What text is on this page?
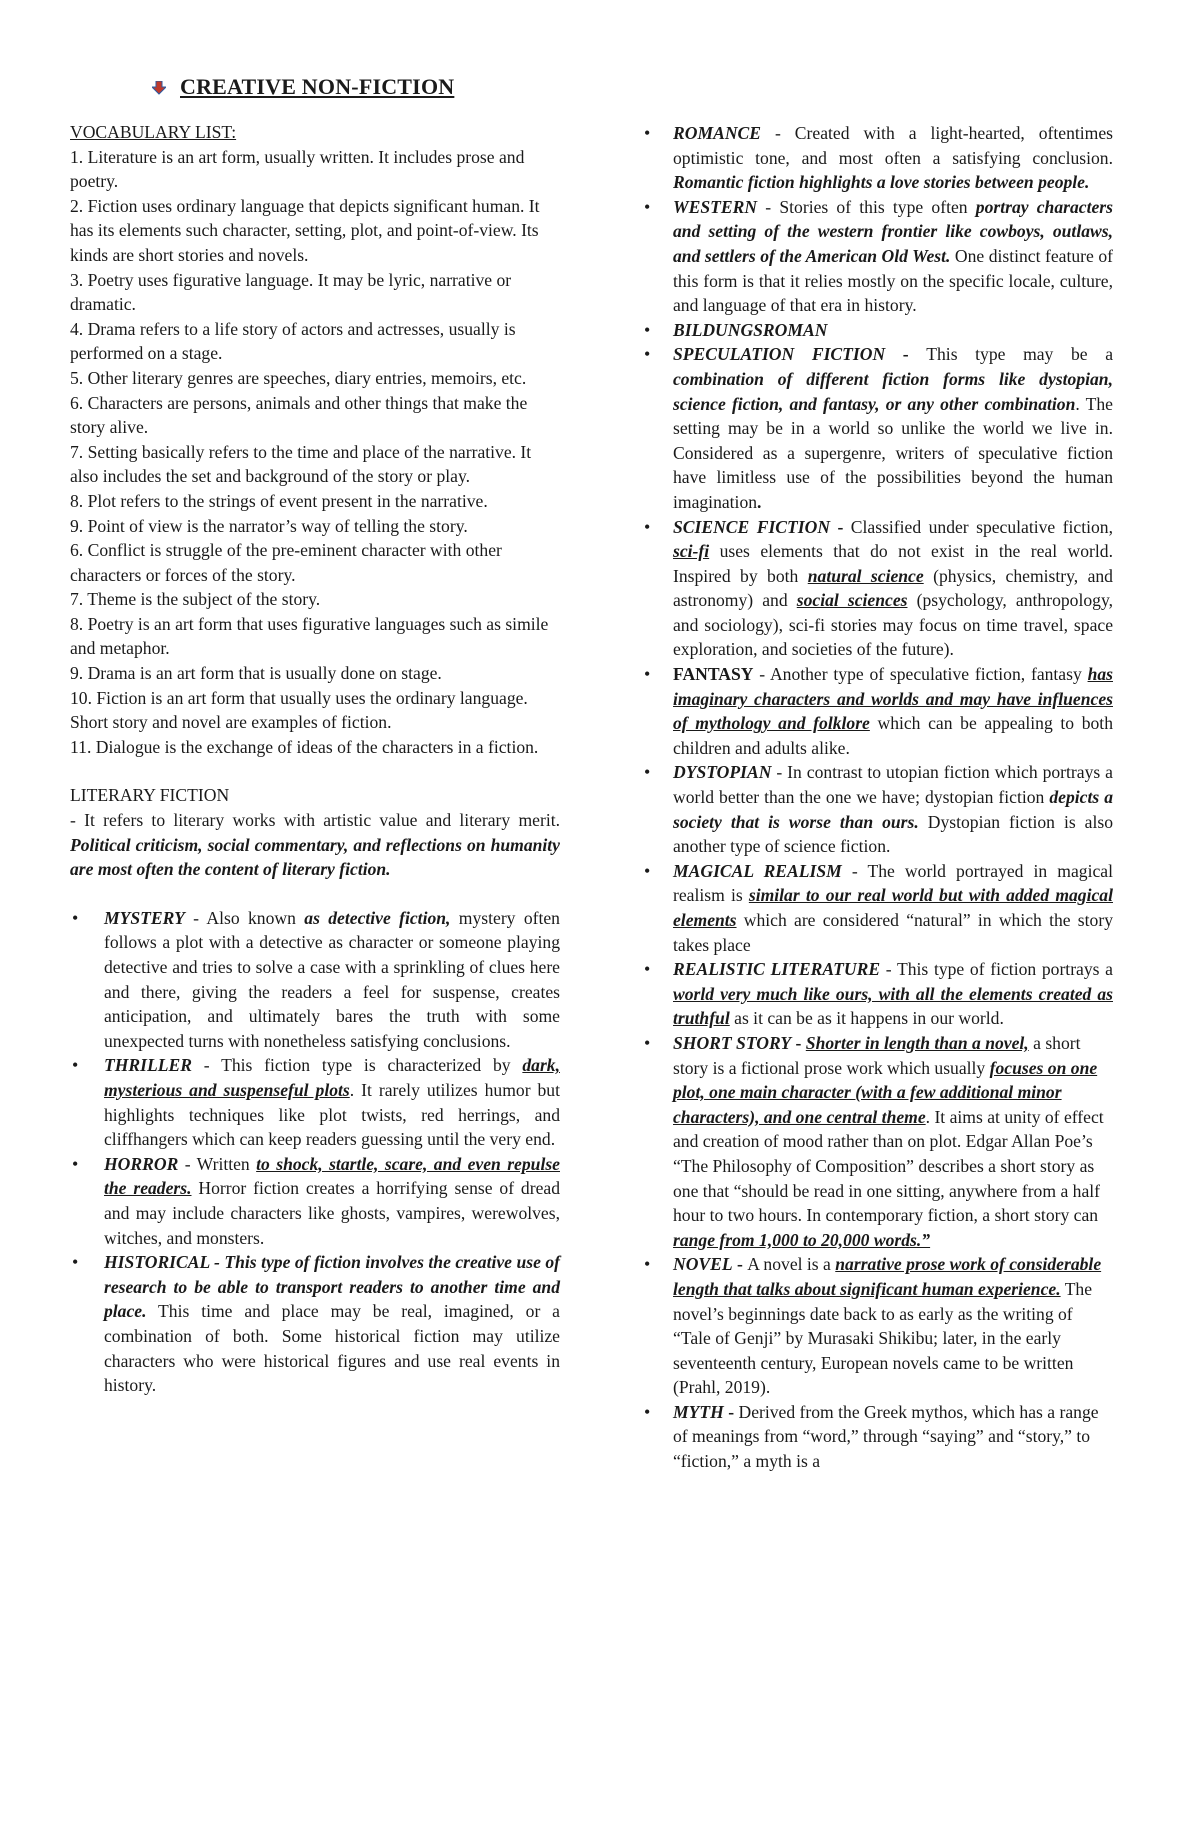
CREATIVE NON-FICTION

VOCABULARY LIST:

1. Literature is an art form, usually written. It includes prose and poetry.

2. Fiction uses ordinary language that depicts significant human. It has its elements such character, setting, plot, and point-of-view. Its kinds are short stories and novels.

3. Poetry uses figurative language. It may be lyric, narrative or dramatic.

4. Drama refers to a life story of actors and actresses, usually is performed on a stage.

5. Other literary genres are speeches, diary entries, memoirs, etc.

6. Characters are persons, animals and other things that make the story alive.

7. Setting basically refers to the time and place of the narrative. It also includes the set and background of the story or play.

8. Plot refers to the strings of event present in the narrative.

9. Point of view is the narrator’s way of telling the story.

6. Conflict is struggle of the pre-eminent character with other characters or forces of the story.

7. Theme is the subject of the story.

8. Poetry is an art form that uses figurative languages such as simile and metaphor.

9. Drama is an art form that is usually done on stage.

10. Fiction is an art form that usually uses the ordinary language. Short story and novel are examples of fiction.

11. Dialogue is the exchange of ideas of the characters in a fiction.

LITERARY FICTION

- It refers to literary works with artistic value and literary merit. Political criticism, social commentary, and reflections on humanity are most often the content of literary fiction.

• MYSTERY - Also known as detective fiction, mystery often follows a plot with a detective as character or someone playing detective and tries to solve a case with a sprinkling of clues here and there, giving the readers a feel for suspense, creates anticipation, and ultimately bares the truth with some unexpected turns with nonetheless satisfying conclusions.
• THRILLER - This fiction type is characterized by dark, mysterious and suspenseful plots. It rarely utilizes humor but highlights techniques like plot twists, red herrings, and cliffhangers which can keep readers guessing until the very end.
• HORROR - Written to shock, startle, scare, and even repulse the readers. Horror fiction creates a horrifying sense of dread and may include characters like ghosts, vampires, werewolves, witches, and monsters.
• HISTORICAL - This type of fiction involves the creative use of research to be able to transport readers to another time and place. This time and place may be real, imagined, or a combination of both. Some historical fiction may utilize characters who were historical figures and use real events in history.
• ROMANCE - Created with a light-hearted, oftentimes optimistic tone, and most often a satisfying conclusion. Romantic fiction highlights a love stories between people.
• WESTERN - Stories of this type often portray characters and setting of the western frontier like cowboys, outlaws, and settlers of the American Old West. One distinct feature of this form is that it relies mostly on the specific locale, culture, and language of that era in history.
• BILDUNGSROMAN
• SPECULATION FICTION - This type may be a combination of different fiction forms like dystopian, science fiction, and fantasy, or any other combination. The setting may be in a world so unlike the world we live in. Considered as a supergenre, writers of speculative fiction have limitless use of the possibilities beyond the human imagination.
• SCIENCE FICTION - Classified under speculative fiction, sci-fi uses elements that do not exist in the real world. Inspired by both natural science (physics, chemistry, and astronomy) and social sciences (psychology, anthropology, and sociology), sci-fi stories may focus on time travel, space exploration, and societies of the future).
• FANTASY - Another type of speculative fiction, fantasy has imaginary characters and worlds and may have influences of mythology and folklore which can be appealing to both children and adults alike.
• DYSTOPIAN - In contrast to utopian fiction which portrays a world better than the one we have; dystopian fiction depicts a society that is worse than ours. Dystopian fiction is also another type of science fiction.
• MAGICAL REALISM - The world portrayed in magical realism is similar to our real world but with added magical elements which are considered “natural” in which the story takes place
• REALISTIC LITERATURE - This type of fiction portrays a world very much like ours, with all the elements created as truthful as it can be as it happens in our world.
• SHORT STORY - Shorter in length than a novel, a short story is a fictional prose work which usually focuses on one plot, one main character (with a few additional minor characters), and one central theme. It aims at unity of effect and creation of mood rather than on plot. Edgar Allan Poe’s “The Philosophy of Composition” describes a short story as one that “should be read in one sitting, anywhere from a half hour to two hours. In contemporary fiction, a short story can range from 1,000 to 20,000 words.”
• NOVEL - A novel is a narrative prose work of considerable length that talks about significant human experience. The novel’s beginnings date back to as early as the writing of “Tale of Genji” by Murasaki Shikibu; later, in the early seventeenth century, European novels came to be written (Prahl, 2019).
• MYTH - Derived from the Greek mythos, which has a range of meanings from “word,” through “saying” and “story,” to “fiction,” a myth is a
